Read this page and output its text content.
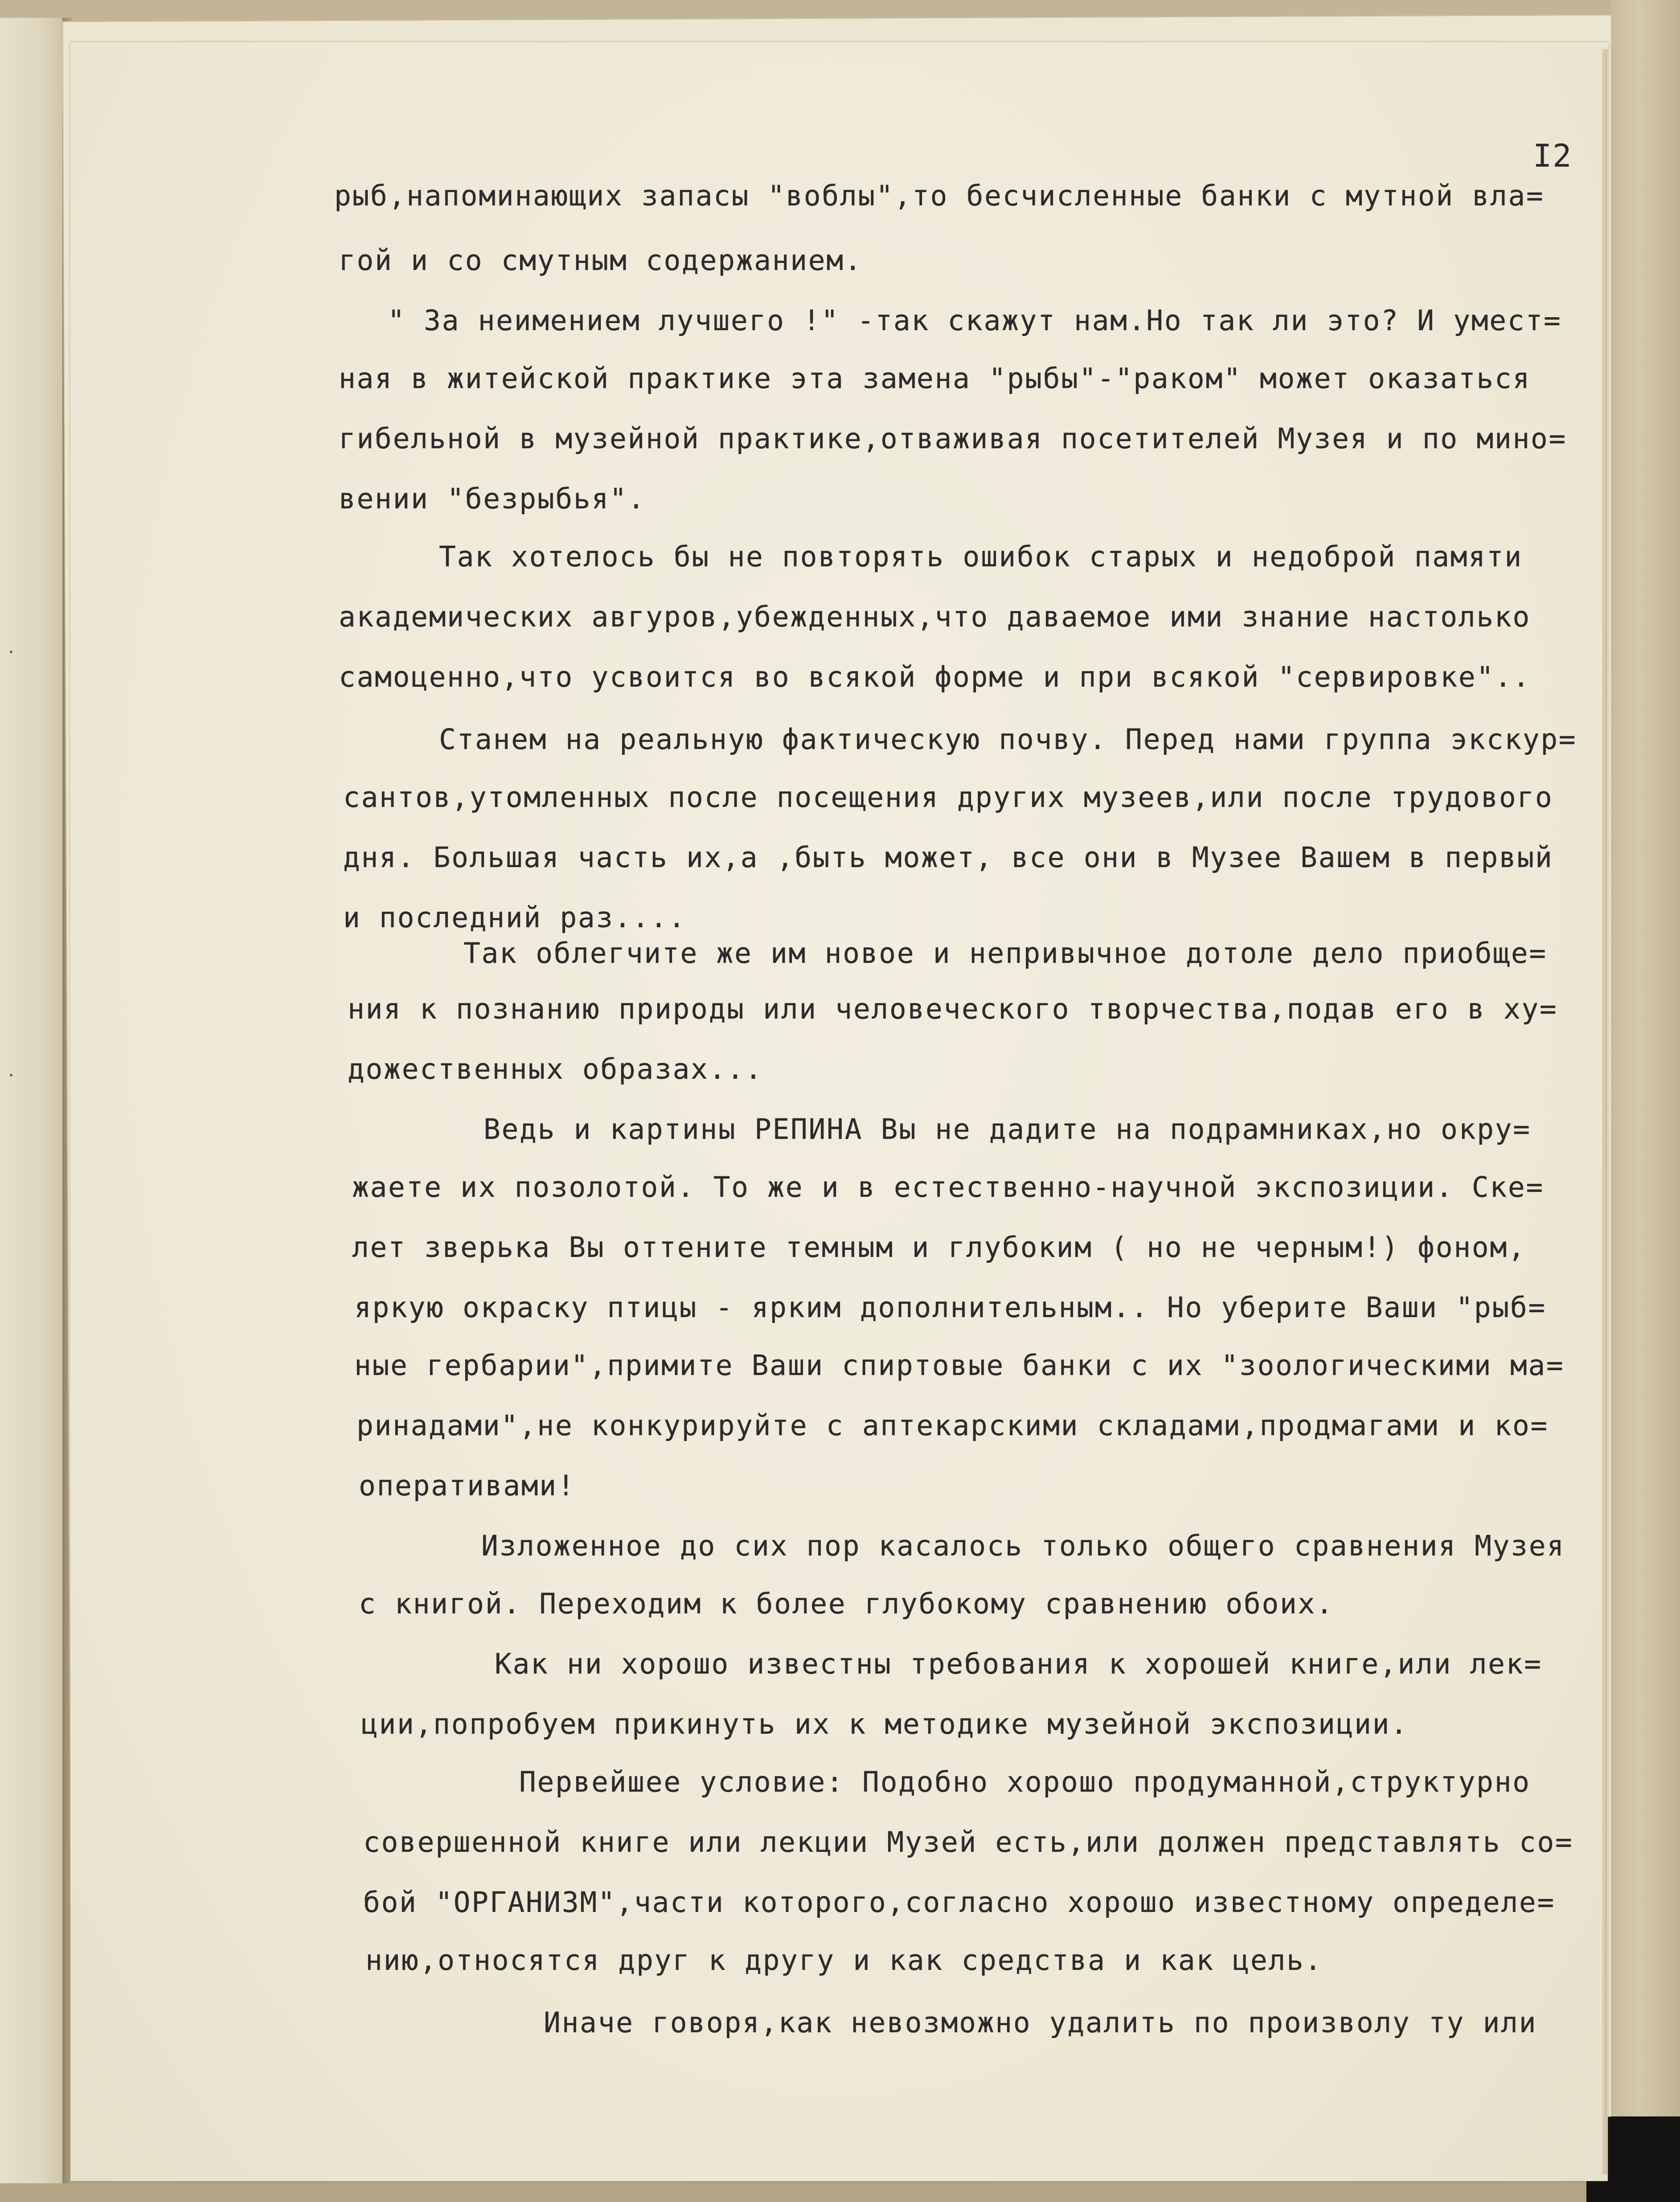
I2
рыб,напоминающих запасы "воблы",то бесчисленные банки с мутной вла=
гой и со смутным содержанием.
" За неимением лучшего !" -так скажут нам.Но так ли это? И умест=
ная в житейской практике эта замена "рыбы"-"раком" может оказаться
гибельной в музейной практике,отваживая посетителей Музея и по мино=
вении "безрыбья".
Так хотелось бы не повторять ошибок старых и недоброй памяти
академических авгуров,убежденных,что даваемое ими знание настолько
самоценно,что усвоится во всякой форме и при всякой "сервировке"..
Станем на реальную фактическую почву. Перед нами группа экскур=
сантов,утомленных после посещения других музеев,или после трудового
дня. Большая часть их,а ,быть может, все они в Музее Вашем в первый
и последний раз....
Так облегчите же им новое и непривычное дотоле дело приобще=
ния к познанию природы или человеческого творчества,подав его в ху=
дожественных образах...
Ведь и картины РЕПИНА Вы не дадите на подрамниках,но окру=
жаете их позолотой. То же и в естественно-научной экспозиции. Ске=
лет зверька Вы оттените темным и глубоким ( но не черным!) фоном,
яркую окраску птицы - ярким дополнительным.. Но уберите Ваши "рыб=
ные гербарии",примите Ваши спиртовые банки с их "зоологическими ма=
ринадами",не конкурируйте с аптекарскими складами,продмагами и ко=
оперативами!
Изложенное до сих пор касалось только общего сравнения Музея
с книгой. Переходим к более глубокому сравнению обоих.
Как ни хорошо известны требования к хорошей книге,или лек=
ции,попробуем прикинуть их к методике музейной экспозиции.
Первейшее условие: Подобно хорошо продуманной,структурно
совершенной книге или лекции Музей есть,или должен представлять со=
бой "ОРГАНИЗМ",части которого,согласно хорошо известному определе=
нию,относятся друг к другу и как средства и как цель.
Иначе говоря,как невозможно удалить по произволу ту или
